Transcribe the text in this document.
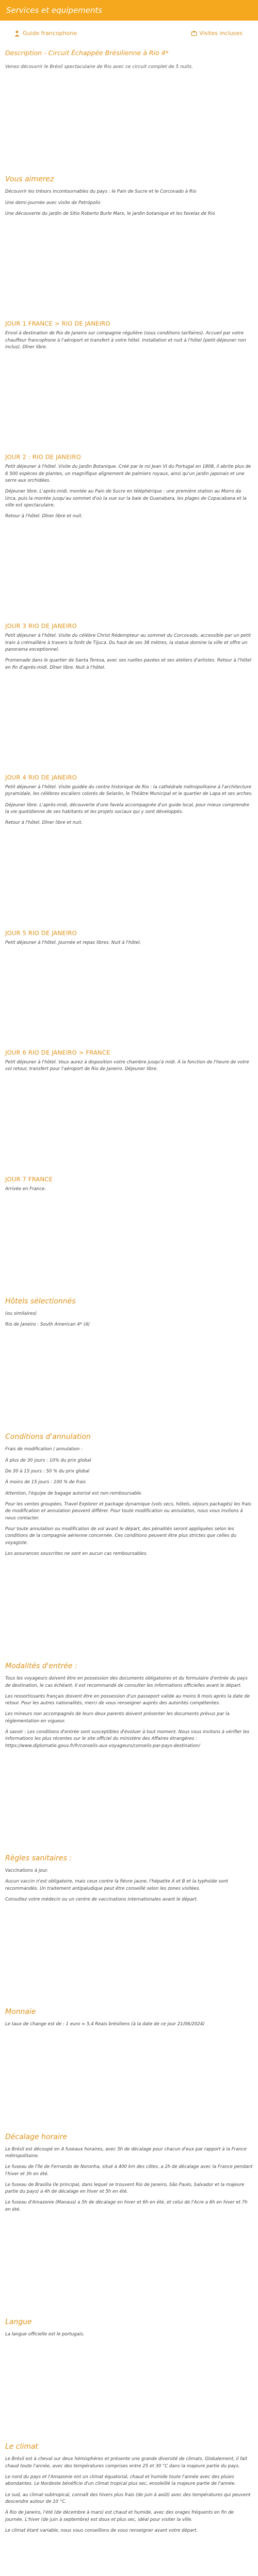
Services et equipements
Guide francophone	Visites incluses
Description - Circuit Échappée Brésilienne à Rio 4*

Venez découvrir le Brésil spectaculaire de Rio avec ce circuit complet de 5 nuits.

Vous aimerez

Découvrir les trésors incontournables du pays : le Pain de Sucre et le Corcovado à Rio

Une demi-journée avec visite de Petrópolis

Une découverte du jardin de Sítio Roberto Burle Marx, le jardin botanique et les favelas de Rio

JOUR 1 FRANCE > RIO DE JANEIRO

Envol à destination de Rio de Janeiro sur compagnie régulière (sous conditions tarifaires). Accueil par votre chauffeur francophone à l'aéroport et transfert à votre hôtel. Installation et nuit à l'hôtel (petit-déjeuner non inclus). Dîner libre.

JOUR 2 : RIO DE JANEIRO

Petit déjeuner à l'hôtel. Visite du Jardin Botanique. Créé par le roi Jean VI du Portugal en 1808, il abrite plus de 6 500 espèces de plantes, un magnifique alignement de palmiers royaux, ainsi qu'un jardin japonais et une serre aux orchidées.

Déjeuner libre. L'après-midi, montée au Pain de Sucre en téléphérique : une première station au Morro da Urca, puis la montée jusqu'au sommet d'où la vue sur la baie de Guanabara, les plages de Copacabana et la ville est spectaculaire.

Retour à l'hôtel. Dîner libre et nuit.

JOUR 3 RIO DE JANEIRO

Petit déjeuner à l'hôtel. Visite du célèbre Christ Rédempteur au sommet du Corcovado, accessible par un petit train à crémaillère à travers la forêt de Tijuca. Du haut de ses 38 mètres, la statue domine la ville et offre un panorama exceptionnel.

Promenade dans le quartier de Santa Teresa, avec ses ruelles pavées et ses ateliers d'artistes. Retour à l'hôtel en fin d'après-midi. Dîner libre. Nuit à l'hôtel.

JOUR 4 RIO DE JANEIRO

Petit déjeuner à l'hôtel. Visite guidée du centre historique de Rio : la cathédrale métropolitaine à l'architecture pyramidale, les célèbres escaliers colorés de Selarón, le Théâtre Municipal et le quartier de Lapa et ses arches.

Déjeuner libre. L'après-midi, découverte d'une favela accompagnée d'un guide local, pour mieux comprendre la vie quotidienne de ses habitants et les projets sociaux qui y sont développés.

Retour à l'hôtel. Dîner libre et nuit.

JOUR 5 RIO DE JANEIRO

Petit déjeuner à l'hôtel. Journée et repas libres. Nuit à l'hôtel.

JOUR 6 RIO DE JANEIRO > FRANCE

Petit déjeuner à l'hôtel. Vous aurez à disposition votre chambre jusqu'à midi. À la fonction de l'heure de votre vol retour, transfert pour l'aéroport de Rio de Janeiro. Déjeuner libre.

JOUR 7 FRANCE

Arrivée en France.

Hôtels sélectionnés

(ou similaires)

Rio de Janeiro : South American 4* (4)

Conditions d'annulation

Frais de modification / annulation :

À plus de 30 jours : 10% du prix global

De 30 à 15 jours : 50 % du prix global

À moins de 15 jours : 100 % de frais

Attention, l'équipe de bagage autorisé est non-remboursable.

Pour les ventes groupées, Travel Explorer et package dynamique (vols secs, hôtels, séjours packagés) les frais de modification et annulation peuvent différer. Pour toute modification ou annulation, nous vous invitons à nous contacter.

Pour toute annulation ou modification de vol avant le départ, des pénalités seront appliquées selon les conditions de la compagnie aérienne concernée. Ces conditions peuvent être plus strictes que celles du voyagiste.

Les assurances souscrites ne sont en aucun cas remboursables.

Modalités d'entrée :

Tous les voyageurs doivent être en possession des documents obligatoires et du formulaire d'entrée du pays de destination, le cas échéant. Il est recommandé de consulter les informations officielles avant le départ.

Les ressortissants français doivent être en possession d'un passeport valide au moins 6 mois après la date de retour. Pour les autres nationalités, merci de vous renseigner auprès des autorités compétentes.

Les mineurs non accompagnés de leurs deux parents doivent présenter les documents prévus par la réglementation en vigueur.

À savoir : Les conditions d'entrée sont susceptibles d'évoluer à tout moment. Nous vous invitons à vérifier les informations les plus récentes sur le site officiel du ministère des Affaires étrangères : https://www.diplomatie.gouv.fr/fr/conseils-aux-voyageurs/conseils-par-pays-destination/

Règles sanitaires :

Vaccinations à jour.

Aucun vaccin n'est obligatoire, mais ceux contre la fièvre jaune, l'hépatite A et B et la typhoïde sont recommandés. Un traitement antipaludique peut être conseillé selon les zones visitées.

Consultez votre médecin ou un centre de vaccinations internationales avant le départ.

Monnaie

Le taux de change est de : 1 euro = 5,4 Reais brésiliens (à la date de ce jour 21/06/2024)

Décalage horaire

Le Brésil est découpé en 4 fuseaux horaires, avec 5h de décalage pour chacun d'eux par rapport à la France métropolitaine.

Le fuseau de l'île de Fernando de Noronha, situé à 400 km des côtes, a 2h de décalage avec la France pendant l'hiver et 3h en été.

Le fuseau de Brasília (le principal, dans lequel se trouvent Rio de Janeiro, São Paulo, Salvador et la majeure partie du pays) a 4h de décalage en hiver et 5h en été.

Le fuseau d'Amazonie (Manaus) a 5h de décalage en hiver et 6h en été, et celui de l'Acre a 6h en hiver et 7h en été.

Langue

La langue officielle est le portugais.

Le climat

Le Brésil est à cheval sur deux hémisphères et présente une grande diversité de climats. Globalement, il fait chaud toute l'année, avec des températures comprises entre 25 et 30 °C dans la majeure partie du pays.

Le nord du pays et l'Amazonie ont un climat équatorial, chaud et humide toute l'année avec des pluies abondantes. Le Nordeste bénéficie d'un climat tropical plus sec, ensoleillé la majeure partie de l'année.

Le sud, au climat subtropical, connaît des hivers plus frais (de juin à août) avec des températures qui peuvent descendre autour de 10 °C.

À Rio de Janeiro, l'été (de décembre à mars) est chaud et humide, avec des orages fréquents en fin de journée. L'hiver (de juin à septembre) est doux et plus sec, idéal pour visiter la ville.

Le climat étant variable, nous vous conseillons de vous renseigner avant votre départ.
